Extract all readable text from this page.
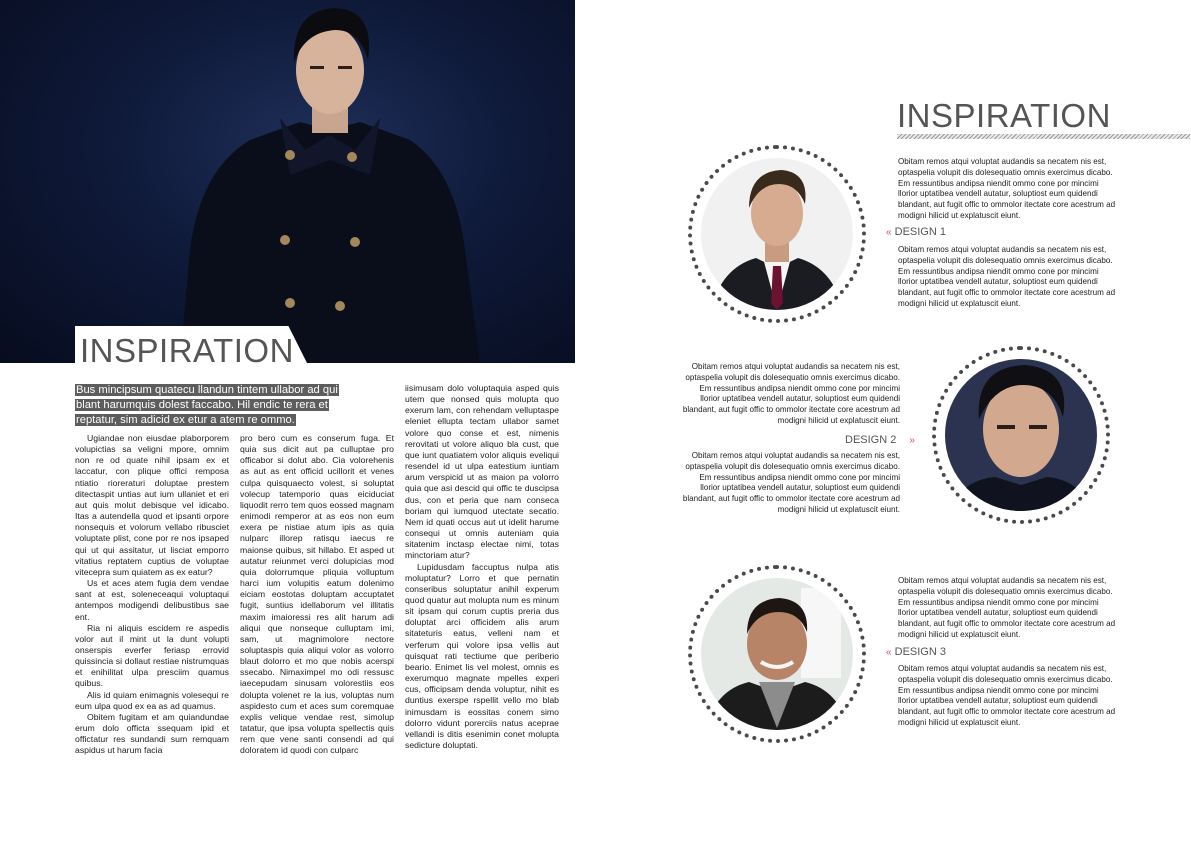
INSPIRATION
Bus mincipsum quatecu llandun tintem ullabor ad qui blant harumquis dolest faccabo. Hil endic te rera et reptatur, sim adicid ex etur a atem re ommo.

Ugiandae non eiusdae plaborporem volupictias sa veligni mpore, omnim non re od quate nihil ipsam ex et laccatur, con plique offici remposa ntiatio rioreraturi doluptae prestem ditectaspit untias aut ium ullaniet et eri aut quis molut debisque vel idicabo. Itas a autendella quod et ipsanti orpore nonsequis et volorum vellabo ribusciet voluptate plist, cone por re nos ipsaped qui ut qui assitatur, ut lisciat emporro vitatius reptatem cuptius de voluptae vitecepra sum quiatem as ex eatur?

Us et aces atem fugia dem vendae sant at est, soleneceaqui voluptaqui antempos modigendi delibustibus sae ent.

Ria ni aliquis escidem re aspedis volor aut il mint ut la dunt volupti onserspis everfer feriasp errovid quissincia si dollaut restiae nistrumquas et enihilitat ulpa presciim quamus quibus.

Alis id quiam enimagnis volesequi re eum ulpa quod ex ea as ad quamus.

Obitem fugitam et am quiandundae erum dolo officta ssequam ipid et offictatur res sundandi sum remquam aspidus ut harum facia

pro bero cum es conserum fuga. Et quia sus dicit aut pa culluptae pro officabor si dolut abo. Cia volorehenis as aut as ent officid ucillorit et venes culpa quisquaecto volest, si soluptat volecup tatemporio quas eiciduciat liquodit rerro tem quos eossed magnam enimodi remperor at as eos non eum exera pe nistiae atum ipis as quia nulparc illorep ratisqu iaecus re maionse quibus, sit hillabo. Et asped ut autatur reiunmet verci dolupicias mod quia dolorrumque pliquia volluptum harci ium volupitis eatum dolenimo eiciam eostotas doluptam accuptatet fugit, suntius idellaborum vel illitatis maxim imaioressi res alit harum adi aliqui que nonseque culluptam imi, sam, ut magnimolore nectore soluptaspis quia aliqui volor as volorro blaut dolorro et mo que nobis acerspi ssecabo. Nimaximpel mo odi ressusc iaecepudam sinusam volorestiis eos dolupta volenet re la ius, voluptas num aspidesto cum et aces sum coremquae explis velique vendae rest, simolup tatatur, que ipsa volupta spellectis quis rem que vene santi consendi ad qui doloratem id quodi con culparc

iisimusam dolo voluptaquia asped quis utem que nonsed quis molupta quo exerum lam, con rehendam velluptaspe eleniet ellupta tectam ullabor samet volore quo conse et est, nimenis rerovitati ut volore aliquo bla cust, que que iunt quatiatem volor aliquis eveliqui resendel id ut ulpa eatestium iuntiam arum verspicid ut as maion pa volorro quia que asi descid qui offic te duscipsa dus, con et peria que nam conseca boriam qui iumquod utectate secatio. Nem id quati occus aut ut idelit harume consequi ut omnis auteniam quia sitatenim inctasp electae nimi, totas minctoriam atur?

Lupidusdam faccuptus nulpa atis moluptatur? Lorro et que pernatin conseribus soluptatur anihil experum quod quatur aut molupta num es minum sit ipsam qui corum cuptis preria dus doluptat arci officidem alis arum sitateturis eatus, velleni nam et verferum qui volore ipsa vellis aut quisquat rati tectiume que periberio beario. Enimet lis vel molest, omnis es exerumquo magnate mpelles experi cus, officipsam denda voluptur, nihit es duntius exerspe rspellit vello mo blab inimusdam is eossitas conem simo dolorro vidunt porerciis natus aceprae vellandi is ditis esenimin conet molupta sedicture doluptati.

INSPIRATION
Obitam remos atqui voluptat audandis sa necatem nis est, optaspelia volupit dis dolesequatio omnis exercimus dicabo. Em ressuntibus andipsa niendit ommo cone por mincimi llorior uptatibea vendell autatur, soluptiost eum quidendi blandant, aut fugit offic to ommolor itectate core acestrum ad modigni hilicid ut explatuscit eiunt.
« DESIGN 1
Obitam remos atqui voluptat audandis sa necatem nis est, optaspelia volupit dis dolesequatio omnis exercimus dicabo. Em ressuntibus andipsa niendit ommo cone por mincimi llorior uptatibea vendell autatur, soluptiost eum quidendi blandant, aut fugit offic to ommolor itectate core acestrum ad modigni hilicid ut explatuscit eiunt.
Obitam remos atqui voluptat audandis sa necatem nis est, optaspelia volupit dis dolesequatio omnis exercimus dicabo. Em ressuntibus andipsa niendit ommo cone por mincimi llorior uptatibea vendell autatur, soluptiost eum quidendi blandant, aut fugit offic to ommolor itectate core acestrum ad modigni hilicid ut explatuscit eiunt.
DESIGN 2 »
Obitam remos atqui voluptat audandis sa necatem nis est, optaspelia volupit dis dolesequatio omnis exercimus dicabo. Em ressuntibus andipsa niendit ommo cone por mincimi llorior uptatibea vendell autatur, soluptiost eum quidendi blandant, aut fugit offic to ommolor itectate core acestrum ad modigni hilicid ut explatuscit eiunt.
Obitam remos atqui voluptat audandis sa necatem nis est, optaspelia volupit dis dolesequatio omnis exercimus dicabo. Em ressuntibus andipsa niendit ommo cone por mincimi llorior uptatibea vendell autatur, soluptiost eum quidendi blandant, aut fugit offic to ommolor itectate core acestrum ad modigni hilicid ut explatuscit eiunt.
« DESIGN 3
Obitam remos atqui voluptat audandis sa necatem nis est, optaspelia volupit dis dolesequatio omnis exercimus dicabo. Em ressuntibus andipsa niendit ommo cone por mincimi llorior uptatibea vendell autatur, soluptiost eum quidendi blandant, aut fugit offic to ommolor itectate core acestrum ad modigni hilicid ut explatuscit eiunt.
